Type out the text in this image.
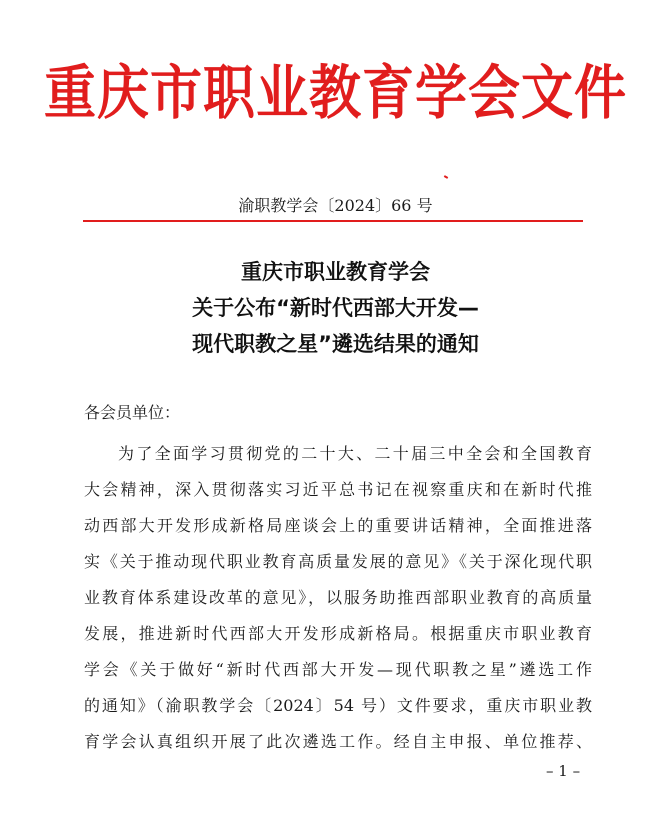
重庆市职业教育学会文件
渝职教学会〔2024〕66 号
重庆市职业教育学会
关于公布“新时代西部大开发—
现代职教之星”遴选结果的通知
各会员单位：
为了全面学习贯彻党的二十大、二十届三中全会和全国教育
大会精神，深入贯彻落实习近平总书记在视察重庆和在新时代推
动西部大开发形成新格局座谈会上的重要讲话精神，全面推进落
实《关于推动现代职业教育高质量发展的意见》《关于深化现代职
业教育体系建设改革的意见》，以服务助推西部职业教育的高质量
发展，推进新时代西部大开发形成新格局。根据重庆市职业教育
学会《关于做好“新时代西部大开发—现代职教之星”遴选工作
的通知》（渝职教学会〔2024〕54 号）文件要求，重庆市职业教
育学会认真组织开展了此次遴选工作。经自主申报、单位推荐、
– 1 –
